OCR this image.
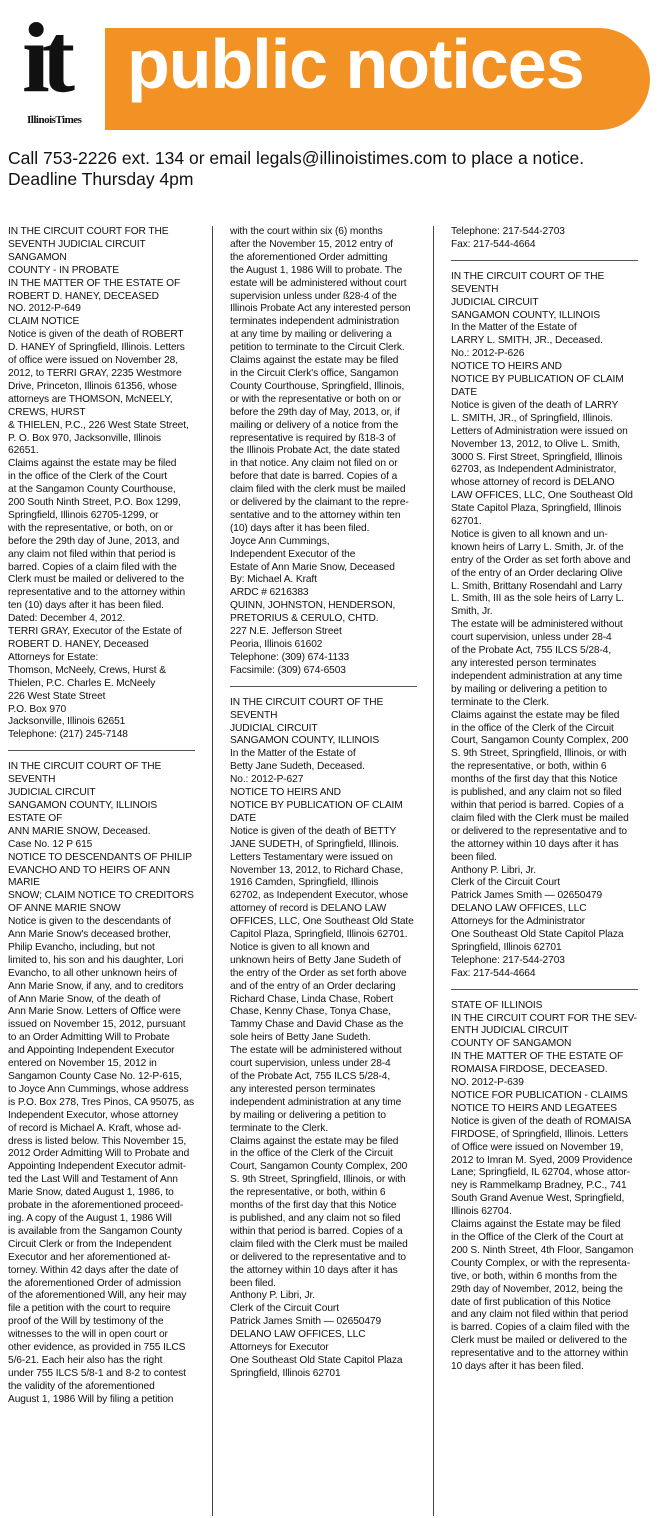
it
IllinoisTimes
public notices
Call 753-2226 ext. 134 or email legals@illinoistimes.com to place a notice.
Deadline Thursday 4pm
IN THE CIRCUIT COURT FOR THE
SEVENTH JUDICIAL CIRCUIT SANGAMON
COUNTY - IN PROBATE
IN THE MATTER OF THE ESTATE OF
ROBERT D. HANEY, DECEASED
NO. 2012-P-649
CLAIM NOTICE
Notice is given of the death of ROBERT
D. HANEY of Springfield, Illinois. Letters
of office were issued on November 28,
2012, to TERRI GRAY, 2235 Westmore
Drive, Princeton, Illinois 61356, whose
attorneys are THOMSON, McNEELY,
CREWS, HURST
& THIELEN, P.C., 226 West State Street,
P. O. Box 970, Jacksonville, Illinois
62651.
Claims against the estate may be filed
in the office of the Clerk of the Court
at the Sangamon County Courthouse,
200 South Ninth Street, P.O. Box 1299,
Springfield, Illinois 62705-1299, or
with the representative, or both, on or
before the 29th day of June, 2013, and
any claim not filed within that period is
barred. Copies of a claim filed with the
Clerk must be mailed or delivered to the
representative and to the attorney within
ten (10) days after it has been filed.
Dated: December 4, 2012.
TERRI GRAY, Executor of the Estate of
ROBERT D. HANEY, Deceased
Attorneys for Estate:
Thomson, McNeely, Crews, Hurst &
Thielen, P.C. Charles E. McNeely
226 West State Street
P.O. Box 970
Jacksonville, Illinois 62651
Telephone: (217) 245-7148
IN THE CIRCUIT COURT OF THE SEVENTH
JUDICIAL CIRCUIT
SANGAMON COUNTY, ILLINOIS
ESTATE OF
ANN MARIE SNOW, Deceased.
Case No. 12 P 615
NOTICE TO DESCENDANTS OF PHILIP
EVANCHO AND TO HEIRS OF ANN MARIE
SNOW; CLAIM NOTICE TO CREDITORS
OF ANNE MARIE SNOW
Notice is given to the descendants of
Ann Marie Snow's deceased brother,
Philip Evancho, including, but not
limited to, his son and his daughter, Lori
Evancho, to all other unknown heirs of
Ann Marie Snow, if any, and to creditors
of Ann Marie Snow, of the death of
Ann Marie Snow. Letters of Office were
issued on November 15, 2012, pursuant
to an Order Admitting Will to Probate
and Appointing Independent Executor
entered on November 15, 2012 in
Sangamon County Case No. 12-P-615,
to Joyce Ann Cummings, whose address
is P.O. Box 278, Tres Pinos, CA 95075, as
Independent Executor, whose attorney
of record is Michael A. Kraft, whose ad-
dress is listed below. This November 15,
2012 Order Admitting Will to Probate and
Appointing Independent Executor admit-
ted the Last Will and Testament of Ann
Marie Snow, dated August 1, 1986, to
probate in the aforementioned proceed-
ing. A copy of the August 1, 1986 Will
is available from the Sangamon County
Circuit Clerk or from the Independent
Executor and her aforementioned at-
torney. Within 42 days after the date of
the aforementioned Order of admission
of the aforementioned Will, any heir may
file a petition with the court to require
proof of the Will by testimony of the
witnesses to the will in open court or
other evidence, as provided in 755 ILCS
5/6-21. Each heir also has the right
under 755 ILCS 5/8-1 and 8-2 to contest
the validity of the aforementioned
August 1, 1986 Will by filing a petition
with the court within six (6) months
after the November 15, 2012 entry of
the aforementioned Order admitting
the August 1, 1986 Will to probate. The
estate will be administered without court
supervision unless under ß28-4 of the
Illinois Probate Act any interested person
terminates independent administration
at any time by mailing or delivering a
petition to terminate to the Circuit Clerk.
Claims against the estate may be filed
in the Circuit Clerk's office, Sangamon
County Courthouse, Springfield, Illinois,
or with the representative or both on or
before the 29th day of May, 2013, or, if
mailing or delivery of a notice from the
representative is required by ß18-3 of
the Illinois Probate Act, the date stated
in that notice. Any claim not filed on or
before that date is barred. Copies of a
claim filed with the clerk must be mailed
or delivered by the claimant to the repre-
sentative and to the attorney within ten
(10) days after it has been filed.
Joyce Ann Cummings,
Independent Executor of the
Estate of Ann Marie Snow, Deceased
By: Michael A. Kraft
ARDC # 6216383
QUINN, JOHNSTON, HENDERSON,
PRETORIUS & CERULO, CHTD.
227 N.E. Jefferson Street
Peoria, Illinois 61602
Telephone: (309) 674-1133
Facsimile: (309) 674-6503
IN THE CIRCUIT COURT OF THE SEVENTH
JUDICIAL CIRCUIT
SANGAMON COUNTY, ILLINOIS
In the Matter of the Estate of
Betty Jane Sudeth, Deceased.
No.: 2012-P-627
NOTICE TO HEIRS AND
NOTICE BY PUBLICATION OF CLAIM
DATE
Notice is given of the death of BETTY
JANE SUDETH, of Springfield, Illinois.
Letters Testamentary were issued on
November 13, 2012, to Richard Chase,
1916 Camden, Springfield, Illinois
62702, as Independent Executor, whose
attorney of record is DELANO LAW
OFFICES, LLC, One Southeast Old State
Capitol Plaza, Springfield, Illinois 62701.
Notice is given to all known and
unknown heirs of Betty Jane Sudeth of
the entry of the Order as set forth above
and of the entry of an Order declaring
Richard Chase, Linda Chase, Robert
Chase, Kenny Chase, Tonya Chase,
Tammy Chase and David Chase as the
sole heirs of Betty Jane Sudeth.
The estate will be administered without
court supervision, unless under 28-4
of the Probate Act, 755 ILCS 5/28-4,
any interested person terminates
independent administration at any time
by mailing or delivering a petition to
terminate to the Clerk.
Claims against the estate may be filed
in the office of the Clerk of the Circuit
Court, Sangamon County Complex, 200
S. 9th Street, Springfield, Illinois, or with
the representative, or both, within 6
months of the first day that this Notice
is published, and any claim not so filed
within that period is barred. Copies of a
claim filed with the Clerk must be mailed
or delivered to the representative and to
the attorney within 10 days after it has
been filed.
Anthony P. Libri, Jr.
Clerk of the Circuit Court
Patrick James Smith — 02650479
DELANO LAW OFFICES, LLC
Attorneys for Executor
One Southeast Old State Capitol Plaza
Springfield, Illinois 62701
Telephone: 217-544-2703
Fax: 217-544-4664
IN THE CIRCUIT COURT OF THE SEVENTH
JUDICIAL CIRCUIT
SANGAMON COUNTY, ILLINOIS
In the Matter of the Estate of
LARRY L. SMITH, JR., Deceased.
No.: 2012-P-626
NOTICE TO HEIRS AND
NOTICE BY PUBLICATION OF CLAIM
DATE
Notice is given of the death of LARRY
L. SMITH, JR., of Springfield, Illinois.
Letters of Administration were issued on
November 13, 2012, to Olive L. Smith,
3000 S. First Street, Springfield, Illinois
62703, as Independent Administrator,
whose attorney of record is DELANO
LAW OFFICES, LLC, One Southeast Old
State Capitol Plaza, Springfield, Illinois
62701.
Notice is given to all known and un-
known heirs of Larry L. Smith, Jr. of the
entry of the Order as set forth above and
of the entry of an Order declaring Olive
L. Smith, Brittany Rosendahl and Larry
L. Smith, III as the sole heirs of Larry L.
Smith, Jr.
The estate will be administered without
court supervision, unless under 28-4
of the Probate Act, 755 ILCS 5/28-4,
any interested person terminates
independent administration at any time
by mailing or delivering a petition to
terminate to the Clerk.
Claims against the estate may be filed
in the office of the Clerk of the Circuit
Court, Sangamon County Complex, 200
S. 9th Street, Springfield, Illinois, or with
the representative, or both, within 6
months of the first day that this Notice
is published, and any claim not so filed
within that period is barred. Copies of a
claim filed with the Clerk must be mailed
or delivered to the representative and to
the attorney within 10 days after it has
been filed.
Anthony P. Libri, Jr.
Clerk of the Circuit Court
Patrick James Smith — 02650479
DELANO LAW OFFICES, LLC
Attorneys for the Administrator
One Southeast Old State Capitol Plaza
Springfield, Illinois 62701
Telephone: 217-544-2703
Fax: 217-544-4664
STATE OF ILLINOIS
IN THE CIRCUIT COURT FOR THE SEV-
ENTH JUDICIAL CIRCUIT
COUNTY OF SANGAMON
IN THE MATTER OF THE ESTATE OF
ROMAISA FIRDOSE, DECEASED.
NO. 2012-P-639
NOTICE FOR PUBLICATION - CLAIMS
NOTICE TO HEIRS AND LEGATEES
Notice is given of the death of ROMAISA
FIRDOSE, of Springfield, Illinois. Letters
of Office were issued on November 19,
2012 to Imran M. Syed, 2009 Providence
Lane; Springfield, IL 62704, whose attor-
ney is Rammelkamp Bradney, P.C., 741
South Grand Avenue West, Springfield,
Illinois 62704.
Claims against the Estate may be filed
in the Office of the Clerk of the Court at
200 S. Ninth Street, 4th Floor, Sangamon
County Complex, or with the representa-
tive, or both, within 6 months from the
29th day of November, 2012, being the
date of first publication of this Notice
and any claim not filed within that period
is barred. Copies of a claim filed with the
Clerk must be mailed or delivered to the
representative and to the attorney within
10 days after it has been filed.
